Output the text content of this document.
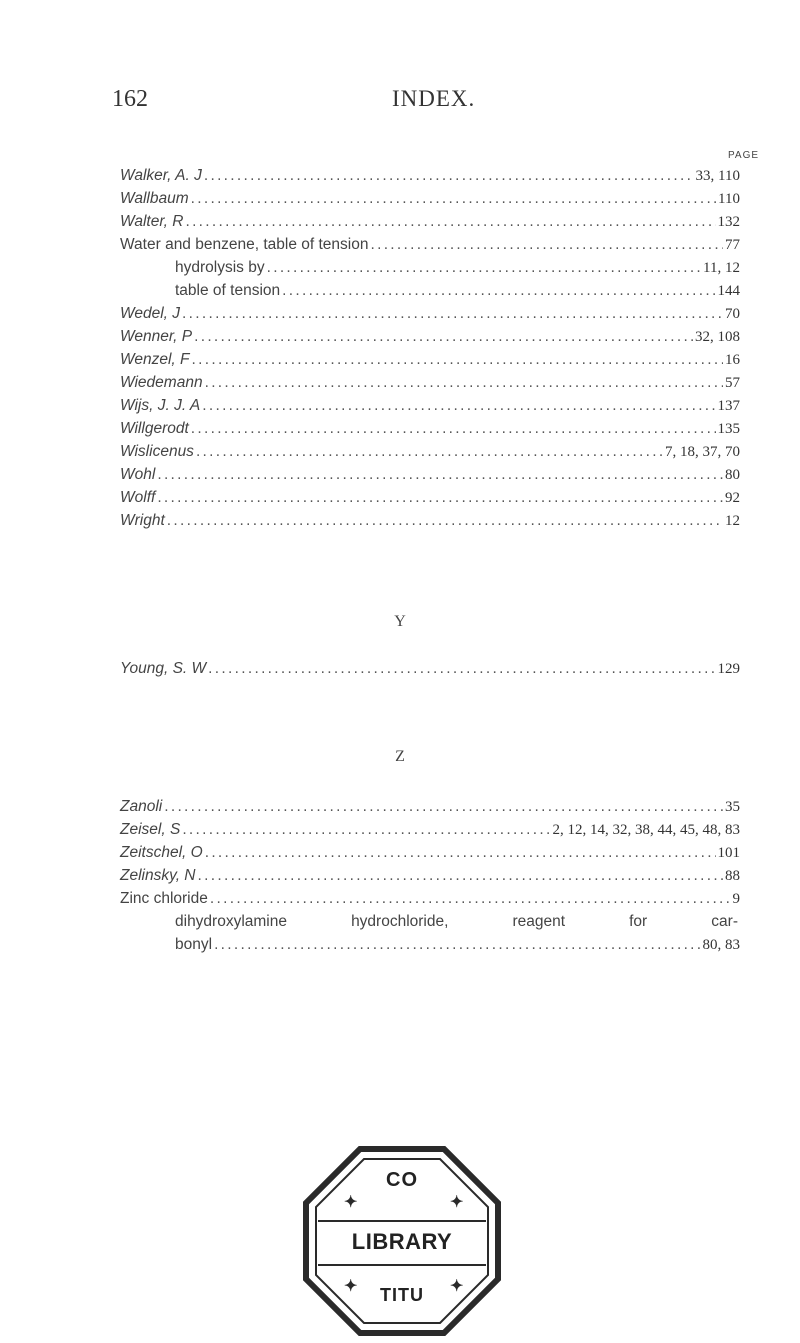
162	INDEX.
PAGE
Walker, A. J . . .	33, 110
Wallbaum . . .	110
Walter, R . . .	132
Water and benzene, table of tension . . .	77
hydrolysis by . . .	11, 12
table of tension . . .	144
Wedel, J . . .	70
Wenner, P . . .	32, 108
Wenzel, F . . .	16
Wiedemann . . .	57
Wijs, J. J. A . . .	137
Willgerodt . . .	135
Wislicenus . . .	7, 18, 37, 70
Wohl . . .	80
Wolff . . .	92
Wright . . .	12
Y
Young, S. W . . .	129
Z
Zanoli . . .	35
Zeisel, S . . .	2, 12, 14, 32, 38, 44, 45, 48, 83
Zeitschel, O . . .	101
Zelinsky, N . . .	88
Zinc chloride . . .	9
dihydroxylamine	hydrochloride,	reagent	for	car-
bonyl . . .	80, 83
✦	✦
✦	✦
CO
LIBRARY
TITU
